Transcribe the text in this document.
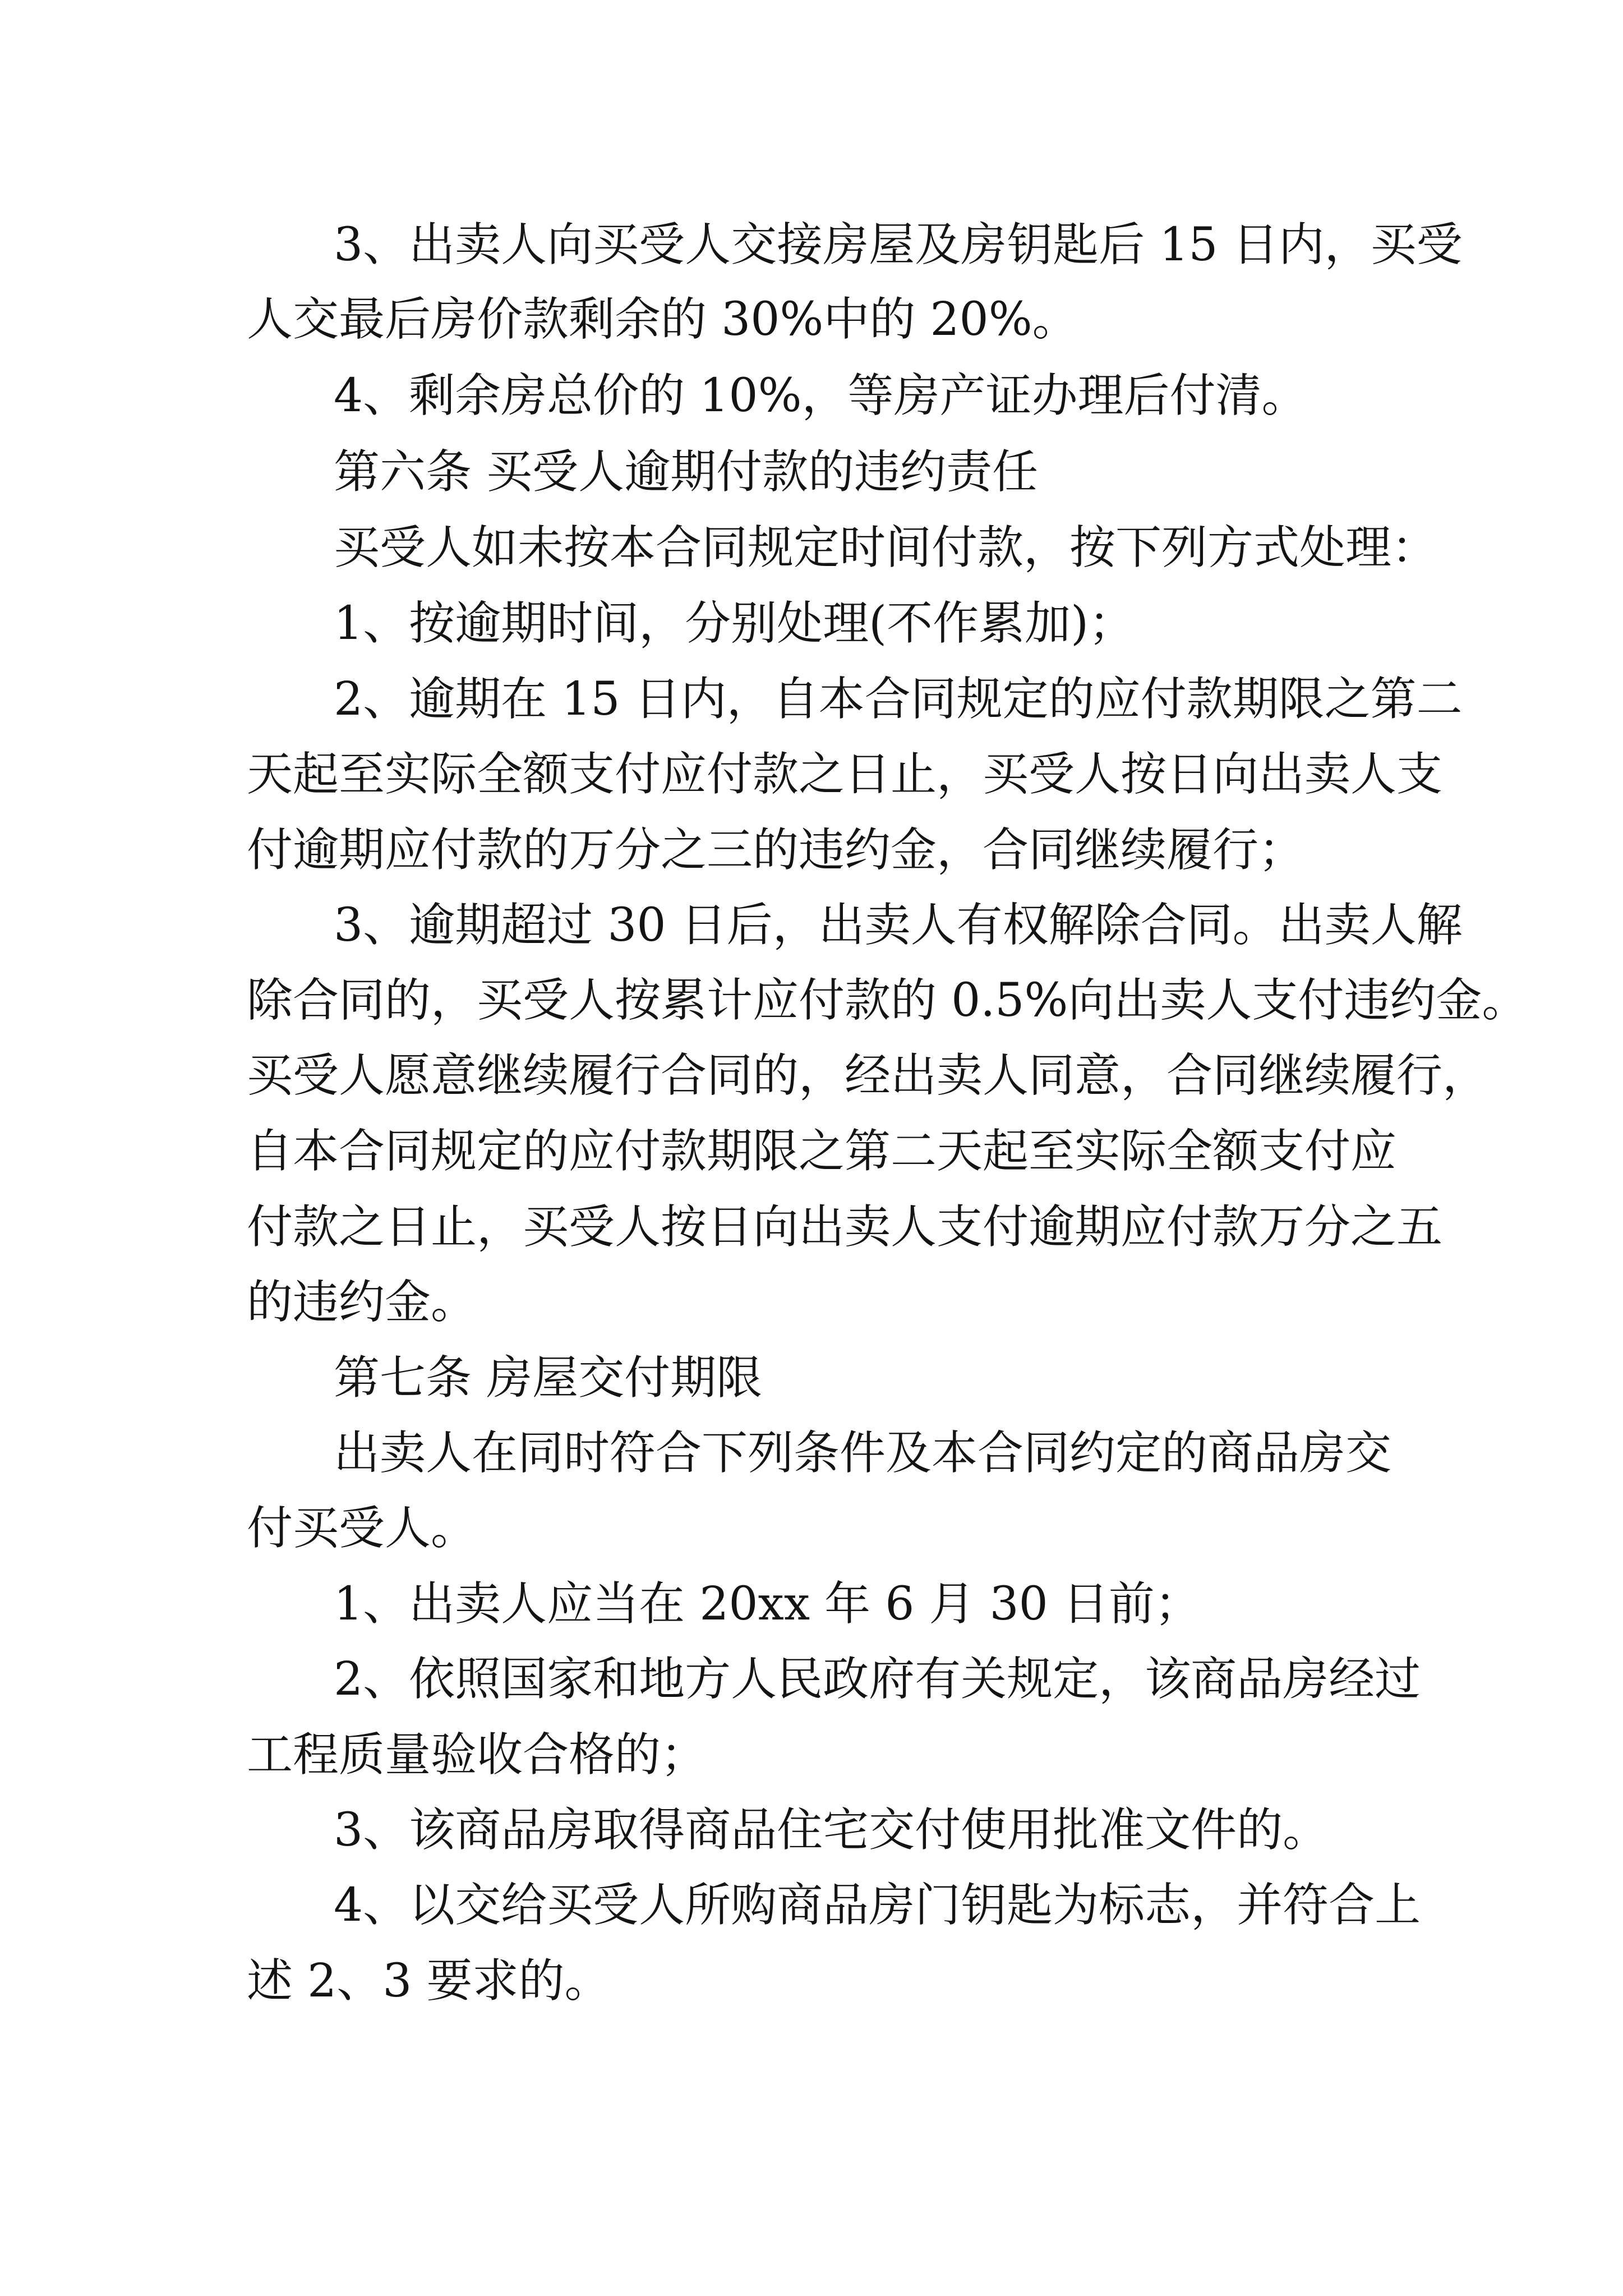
3、出卖人向买受人交接房屋及房钥匙后 15 日内，买受
人交最后房价款剩余的 30%中的 20%。
4、剩余房总价的 10%，等房产证办理后付清。
第六条 买受人逾期付款的违约责任
买受人如未按本合同规定时间付款，按下列方式处理：
1、按逾期时间，分别处理(不作累加)；
2、逾期在 15 日内，自本合同规定的应付款期限之第二
天起至实际全额支付应付款之日止，买受人按日向出卖人支
付逾期应付款的万分之三的违约金，合同继续履行；
3、逾期超过 30 日后，出卖人有权解除合同。出卖人解
除合同的，买受人按累计应付款的 0.5%向出卖人支付违约金。
买受人愿意继续履行合同的，经出卖人同意，合同继续履行，
自本合同规定的应付款期限之第二天起至实际全额支付应
付款之日止，买受人按日向出卖人支付逾期应付款万分之五
的违约金。
第七条 房屋交付期限
出卖人在同时符合下列条件及本合同约定的商品房交
付买受人。
1、出卖人应当在 20xx 年 6 月 30 日前；
2、依照国家和地方人民政府有关规定，该商品房经过
工程质量验收合格的；
3、该商品房取得商品住宅交付使用批准文件的。
4、以交给买受人所购商品房门钥匙为标志，并符合上
述 2、3 要求的。
